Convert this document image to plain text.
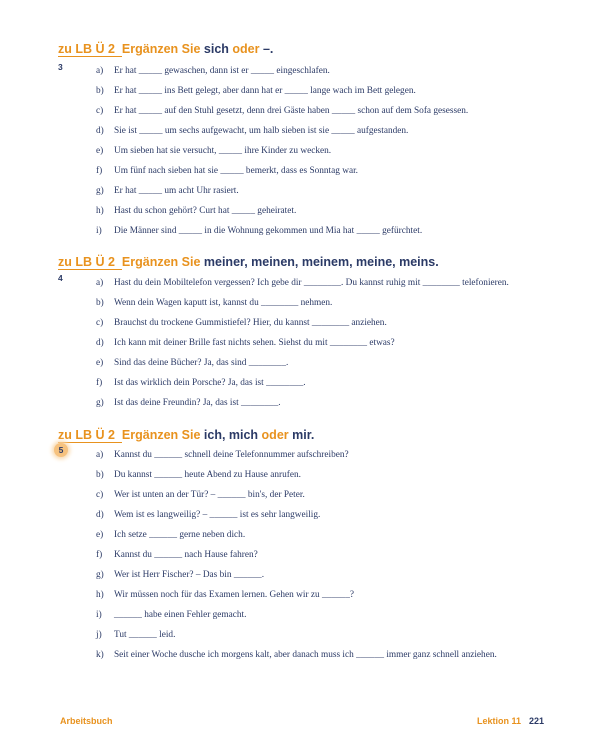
zu LB Ü 2 Ergänzen Sie sich oder –.
3	a) Er hat _____ gewaschen, dann ist er _____ eingeschlafen.
b) Er hat _____ ins Bett gelegt, aber dann hat er _____ lange wach im Bett gelegen.
c) Er hat _____ auf den Stuhl gesetzt, denn drei Gäste haben _____ schon auf dem Sofa gesessen.
d) Sie ist _____ um sechs aufgewacht, um halb sieben ist sie _____ aufgestanden.
e) Um sieben hat sie versucht, _____ ihre Kinder zu wecken.
f) Um fünf nach sieben hat sie _____ bemerkt, dass es Sonntag war.
g) Er hat _____ um acht Uhr rasiert.
h) Hast du schon gehört? Curt hat _____ geheiratet.
i) Die Männer sind _____ in die Wohnung gekommen und Mia hat _____ gefürchtet.
zu LB Ü 2 Ergänzen Sie meiner, meinen, meinem, meine, meins.
4	a) Hast du dein Mobiltelefon vergessen? Ich gebe dir ________. Du kannst ruhig mit ________ telefonieren.
b) Wenn dein Wagen kaputt ist, kannst du ________ nehmen.
c) Brauchst du trockene Gummistiefel? Hier, du kannst ________ anziehen.
d) Ich kann mit deiner Brille fast nichts sehen. Siehst du mit ________ etwas?
e) Sind das deine Bücher? Ja, das sind ________.
f) Ist das wirklich dein Porsche? Ja, das ist ________.
g) Ist das deine Freundin? Ja, das ist ________.
zu LB Ü 2 Ergänzen Sie ich, mich oder mir.
5	a) Kannst du ______ schnell deine Telefonnummer aufschreiben?
b) Du kannst ______ heute Abend zu Hause anrufen.
c) Wer ist unten an der Tür? – ______ bin's, der Peter.
d) Wem ist es langweilig? – ______ ist es sehr langweilig.
e) Ich setze ______ gerne neben dich.
f) Kannst du ______ nach Hause fahren?
g) Wer ist Herr Fischer? – Das bin ______.
h) Wir müssen noch für das Examen lernen. Gehen wir zu ______?
i) ______ habe einen Fehler gemacht.
j) Tut ______ leid.
k) Seit einer Woche dusche ich morgens kalt, aber danach muss ich ______ immer ganz schnell anziehen.
Arbeitsbuch	Lektion 11 221
